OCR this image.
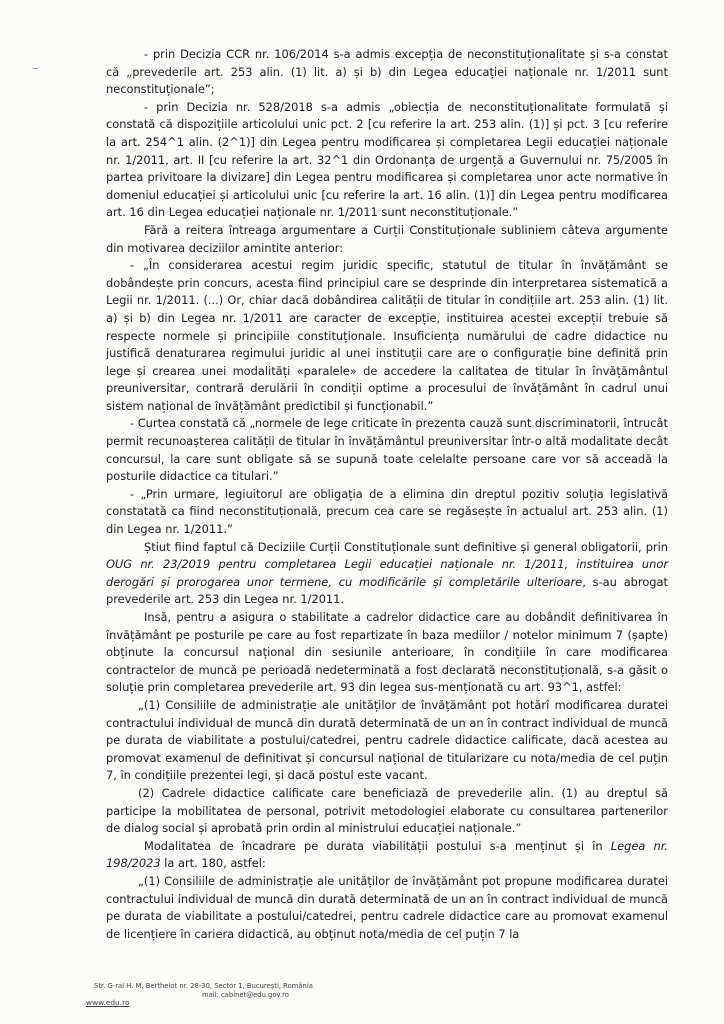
- prin Decizia CCR nr. 106/2014 s-a admis excepția de neconstituționalitate și s-a constat că „prevederile art. 253 alin. (1) lit. a) și b) din Legea educației naționale nr. 1/2011 sunt neconstituționale”;

- prin Decizia nr. 528/2018 s-a admis „obiecția de neconstituționalitate formulată și constată că dispozițiile articolului unic pct. 2 [cu referire la art. 253 alin. (1)] și pct. 3 [cu referire la art. 254^1 alin. (2^1)] din Legea pentru modificarea și completarea Legii educației naționale nr. 1/2011, art. II [cu referire la art. 32^1 din Ordonanța de urgență a Guvernului nr. 75/2005 în partea privitoare la divizare] din Legea pentru modificarea și completarea unor acte normative în domeniul educației și articolului unic [cu referire la art. 16 alin. (1)] din Legea pentru modificarea art. 16 din Legea educației naționale nr. 1/2011 sunt neconstituționale.”

Fără a reitera întreaga argumentare a Curții Constituționale subliniem câteva argumente din motivarea deciziilor amintite anterior:

- „În considerarea acestui regim juridic specific, statutul de titular în învățământ se dobândește prin concurs, acesta fiind principiul care se desprinde din interpretarea sistematică a Legii nr. 1/2011. (...) Or, chiar dacă dobândirea calității de titular în condițiile art. 253 alin. (1) lit. a) și b) din Legea nr. 1/2011 are caracter de excepție, instituirea acestei excepții trebuie să respecte normele și principiile constituționale. Insuficiența numărului de cadre didactice nu justifică denaturarea regimului juridic al unei instituții care are o configurație bine definită prin lege și crearea unei modalități «paralele» de accedere la calitatea de titular în învățământul preuniversitar, contrară derulării în condiții optime a procesului de învățământ în cadrul unui sistem național de învățământ predictibil și funcționabil.”

- Curtea constată că „normele de lege criticate în prezenta cauză sunt discriminatorii, întrucât permit recunoașterea calității de titular în învățământul preuniversitar într-o altă modalitate decât concursul, la care sunt obligate să se supună toate celelalte persoane care vor să acceadă la posturile didactice ca titulari.”

- „Prin urmare, legiuitorul are obligația de a elimina din dreptul pozitiv soluția legislativă constatată ca fiind neconstituțională, precum cea care se regăsește în actualul art. 253 alin. (1) din Legea nr. 1/2011.”

Știut fiind faptul că Deciziile Curții Constituționale sunt definitive și general obligatorii, prin OUG nr. 23/2019 pentru completarea Legii educației naționale nr. 1/2011, instituirea unor derogări și prorogarea unor termene, cu modificările și completările ulterioare, s-au abrogat prevederile art. 253 din Legea nr. 1/2011.

Insă, pentru a asigura o stabilitate a cadrelor didactice care au dobândit definitivarea în învățământ pe posturile pe care au fost repartizate în baza mediilor / notelor minimum 7 (șapte) obținute la concursul național din sesiunile anterioare, în condițiile în care modificarea contractelor de muncă pe perioadă nedeterminată a fost declarată neconstituțională, s-a găsit o soluție prin completarea prevederile art. 93 din legea sus-menționată cu art. 93^1, astfel:

„(1) Consiliile de administrație ale unităților de învățământ pot hotărî modificarea duratei contractului individual de muncă din durată determinată de un an în contract individual de muncă pe durata de viabilitate a postului/catedrei, pentru cadrele didactice calificate, dacă acestea au promovat examenul de definitivat și concursul național de titularizare cu nota/media de cel puțin 7, în condițiile prezentei legi, și dacă postul este vacant.

(2) Cadrele didactice calificate care beneficiază de prevederile alin. (1) au dreptul să participe la mobilitatea de personal, potrivit metodologiei elaborate cu consultarea partenerilor de dialog social și aprobată prin ordin al ministrului educației naționale.”

Modalitatea de încadrare pe durata viabilității postului s-a menținut și în Legea nr. 198/2023 la art. 180, astfel:

„(1) Consiliile de administrație ale unităților de învățământ pot propune modificarea duratei contractului individual de muncă din durată determinată de un an în contract individual de muncă pe durata de viabilitate a postului/catedrei, pentru cadrele didactice care au promovat examenul de licențiere în cariera didactică, au obținut nota/media de cel puțin 7 la

Str. G-ral H. M. Berthelot nr. 28-30, Sector 1, București, România
mail: cabinet@edu.gov.ro
www.edu.ro
